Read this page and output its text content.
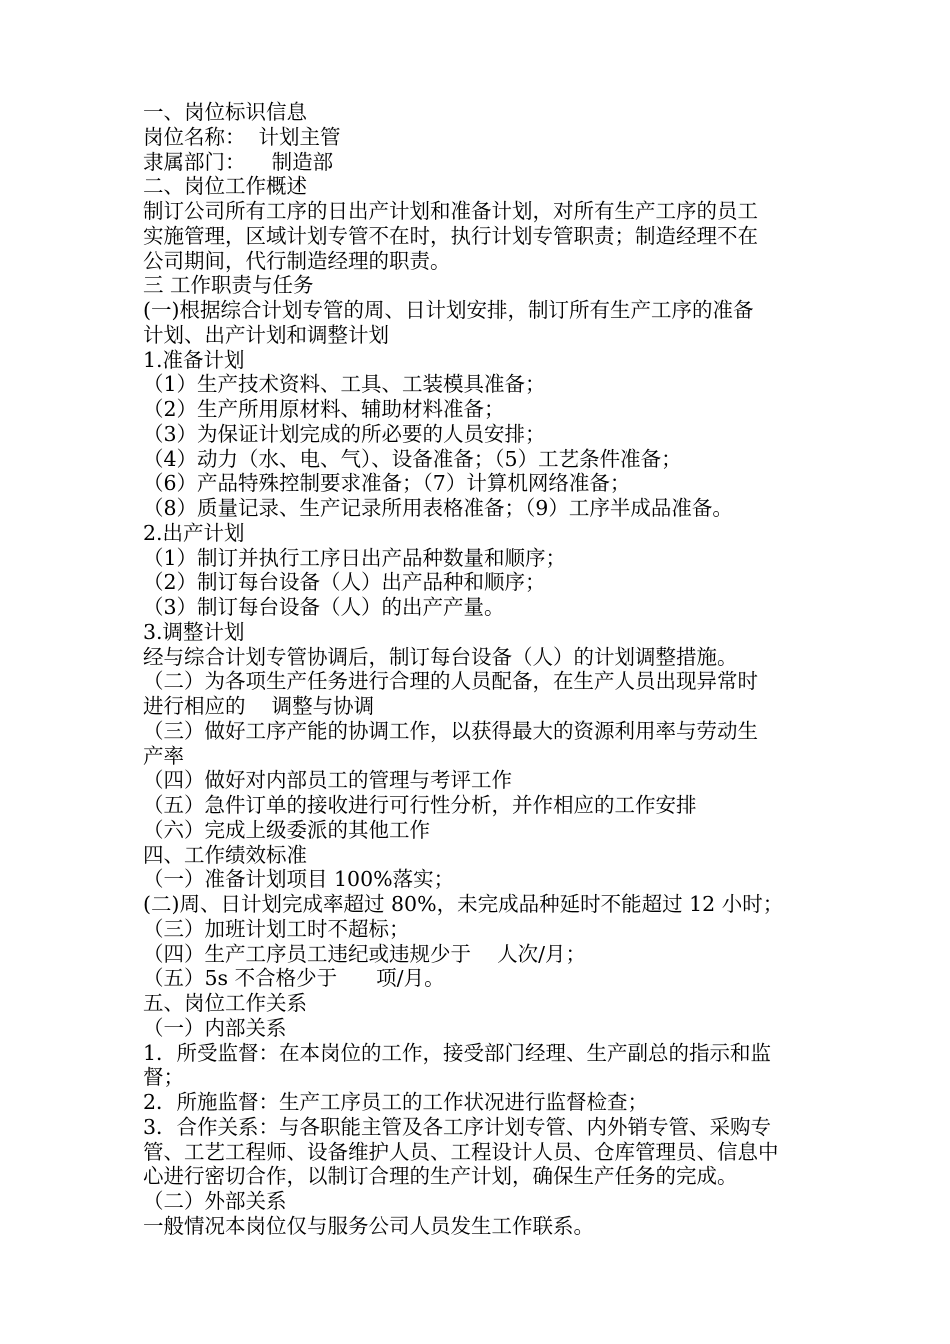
一、岗位标识信息
岗位名称：  计划主管
隶属部门：    制造部
二、岗位工作概述
制订公司所有工序的日出产计划和准备计划，对所有生产工序的员工
实施管理，区域计划专管不在时，执行计划专管职责；制造经理不在
公司期间，代行制造经理的职责。
三 工作职责与任务
(一)根据综合计划专管的周、日计划安排，制订所有生产工序的准备
计划、出产计划和调整计划
1.准备计划
（1）生产技术资料、工具、工装模具准备；
（2）生产所用原材料、辅助材料准备；
（3）为保证计划完成的所必要的人员安排；
（4）动力（水、电、气）、设备准备；（5）工艺条件准备；
（6）产品特殊控制要求准备；（7）计算机网络准备；
（8）质量记录、生产记录所用表格准备；（9）工序半成品准备。
2.出产计划
（1）制订并执行工序日出产品种数量和顺序；
（2）制订每台设备（人）出产品种和顺序；
（3）制订每台设备（人）的出产产量。
3.调整计划
经与综合计划专管协调后，制订每台设备（人）的计划调整措施。
（二）为各项生产任务进行合理的人员配备，在生产人员出现异常时
进行相应的    调整与协调
（三）做好工序产能的协调工作，以获得最大的资源利用率与劳动生
产率
（四）做好对内部员工的管理与考评工作
（五）急件订单的接收进行可行性分析，并作相应的工作安排
（六）完成上级委派的其他工作
四、工作绩效标准
（一）准备计划项目 100%落实；
(二)周、日计划完成率超过 80%，未完成品种延时不能超过 12 小时；
（三）加班计划工时不超标；
（四）生产工序员工违纪或违规少于    人次/月；
（五）5s 不合格少于      项/月。
五、岗位工作关系
（一）内部关系
1．所受监督：在本岗位的工作，接受部门经理、生产副总的指示和监
督；
2．所施监督：生产工序员工的工作状况进行监督检查；
3．合作关系：与各职能主管及各工序计划专管、内外销专管、采购专
管、工艺工程师、设备维护人员、工程设计人员、仓库管理员、信息中
心进行密切合作，以制订合理的生产计划，确保生产任务的完成。
（二）外部关系
一般情况本岗位仅与服务公司人员发生工作联系。
